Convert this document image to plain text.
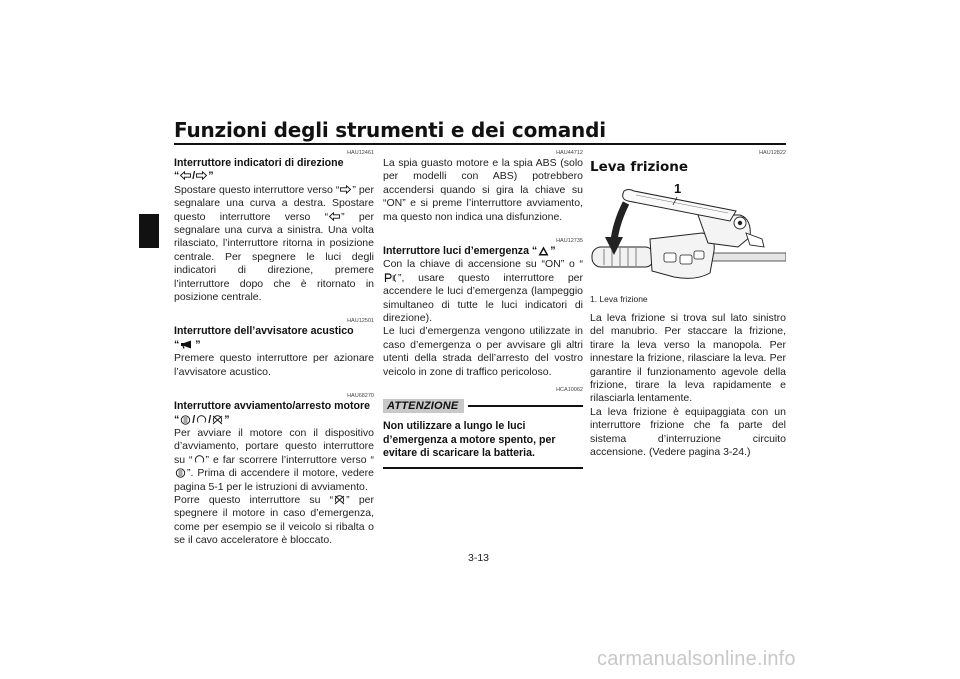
Funzioni degli strumenti e dei comandi
3
HAU12461
Interruttore indicatori di direzione
“ / ”
Spostare questo interruttore verso “ ” per segnalare una curva a destra. Spostare questo interruttore verso “ ” per segnalare una curva a sinistra. Una volta rilasciato, l’interruttore ritorna in posizione centrale. Per spegnere le luci degli indicatori di direzione, premere l’interruttore dopo che è ritornato in posizione centrale.
HAU12501
Interruttore dell’avvisatore acustico
“ ”
Premere questo interruttore per azionare l’avvisatore acustico.
HAU68270
Interruttore avviamento/arresto motore
“ / / ”
Per avviare il motore con il dispositivo d’avviamento, portare questo interruttore su “ ” e far scorrere l’interruttore verso “
”. Prima di accendere il motore, vedere pagina 5-1 per le istruzioni di avviamento.
Porre questo interruttore su “ ” per spegnere il motore in caso d’emergenza, come per esempio se il veicolo si ribalta o se il cavo acceleratore è bloccato.
HAU44712
La spia guasto motore e la spia ABS (solo per modelli con ABS) potrebbero accendersi quando si gira la chiave su “ON” e si preme l’interruttore avviamento, ma questo non indica una disfunzione.
HAU12735
Interruttore luci d’emergenza “ ”
Con la chiave di accensione su “ON” o “
”, usare questo interruttore per accendere le luci d’emergenza (lampeggio simultaneo di tutte le luci indicatori di direzione).
Le luci d’emergenza vengono utilizzate in caso d’emergenza o per avvisare gli altri utenti della strada dell’arresto del vostro veicolo in zone di traffico pericoloso.
HCA10062
ATTENZIONE
Non utilizzare a lungo le luci d’emergenza a motore spento, per evitare di scaricare la batteria.
HAU12822
Leva frizione
1
1. Leva frizione
La leva frizione si trova sul lato sinistro del manubrio. Per staccare la frizione, tirare la leva verso la manopola. Per innestare la frizione, rilasciare la leva. Per garantire il funzionamento agevole della frizione, tirare la leva rapidamente e rilasciarla lentamente.
La leva frizione è equipaggiata con un interruttore frizione che fa parte del sistema d’interruzione circuito accensione. (Vedere pagina 3-24.)
3-13
carmanualsonline.info
